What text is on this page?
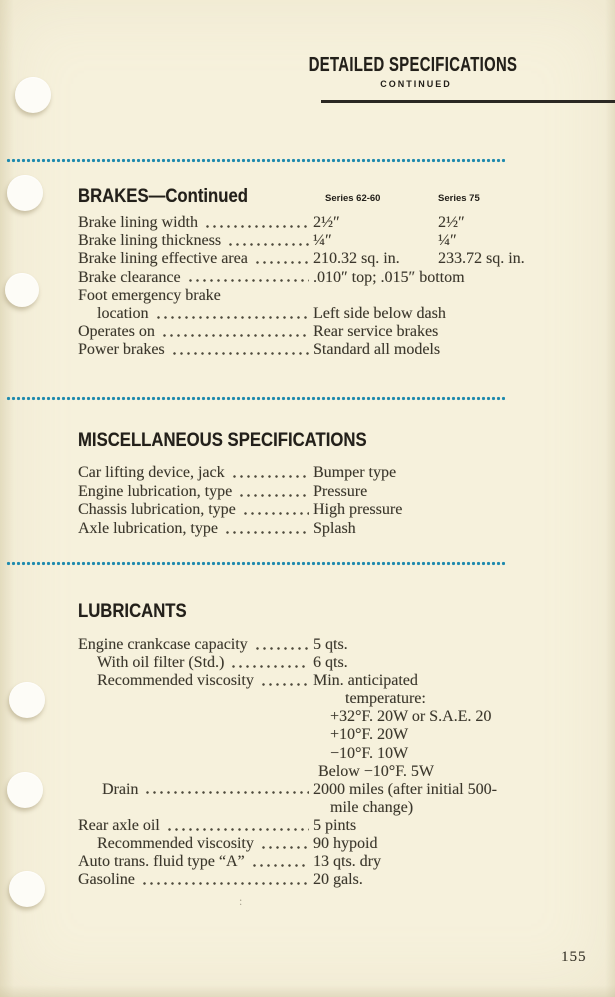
DETAILED SPECIFICATIONS
CONTINUED
BRAKES—Continued	Series 62-60	Series 75
Brake lining width	2½″	2½″
Brake lining thickness	¼″	¼″
Brake lining effective area	210.32 sq. in.	233.72 sq. in.
Brake clearance	.010″ top; .015″ bottom
Foot emergency brake
location	Left side below dash
Operates on	Rear service brakes
Power brakes	Standard all models
MISCELLANEOUS SPECIFICATIONS
Car lifting device, jack	Bumper type
Engine lubrication, type	Pressure
Chassis lubrication, type	High pressure
Axle lubrication, type	Splash
LUBRICANTS
Engine crankcase capacity	5 qts.
With oil filter (Std.)	6 qts.
Recommended viscosity	Min. anticipated
temperature:
+32°F. 20W or S.A.E. 20
+10°F. 20W
−10°F. 10W
Below −10°F. 5W
Drain	2000 miles (after initial 500-
mile change)
Rear axle oil	5 pints
Recommended viscosity	90 hypoid
Auto trans. fluid type “A”	13 qts. dry
Gasoline	20 gals.
:
155
